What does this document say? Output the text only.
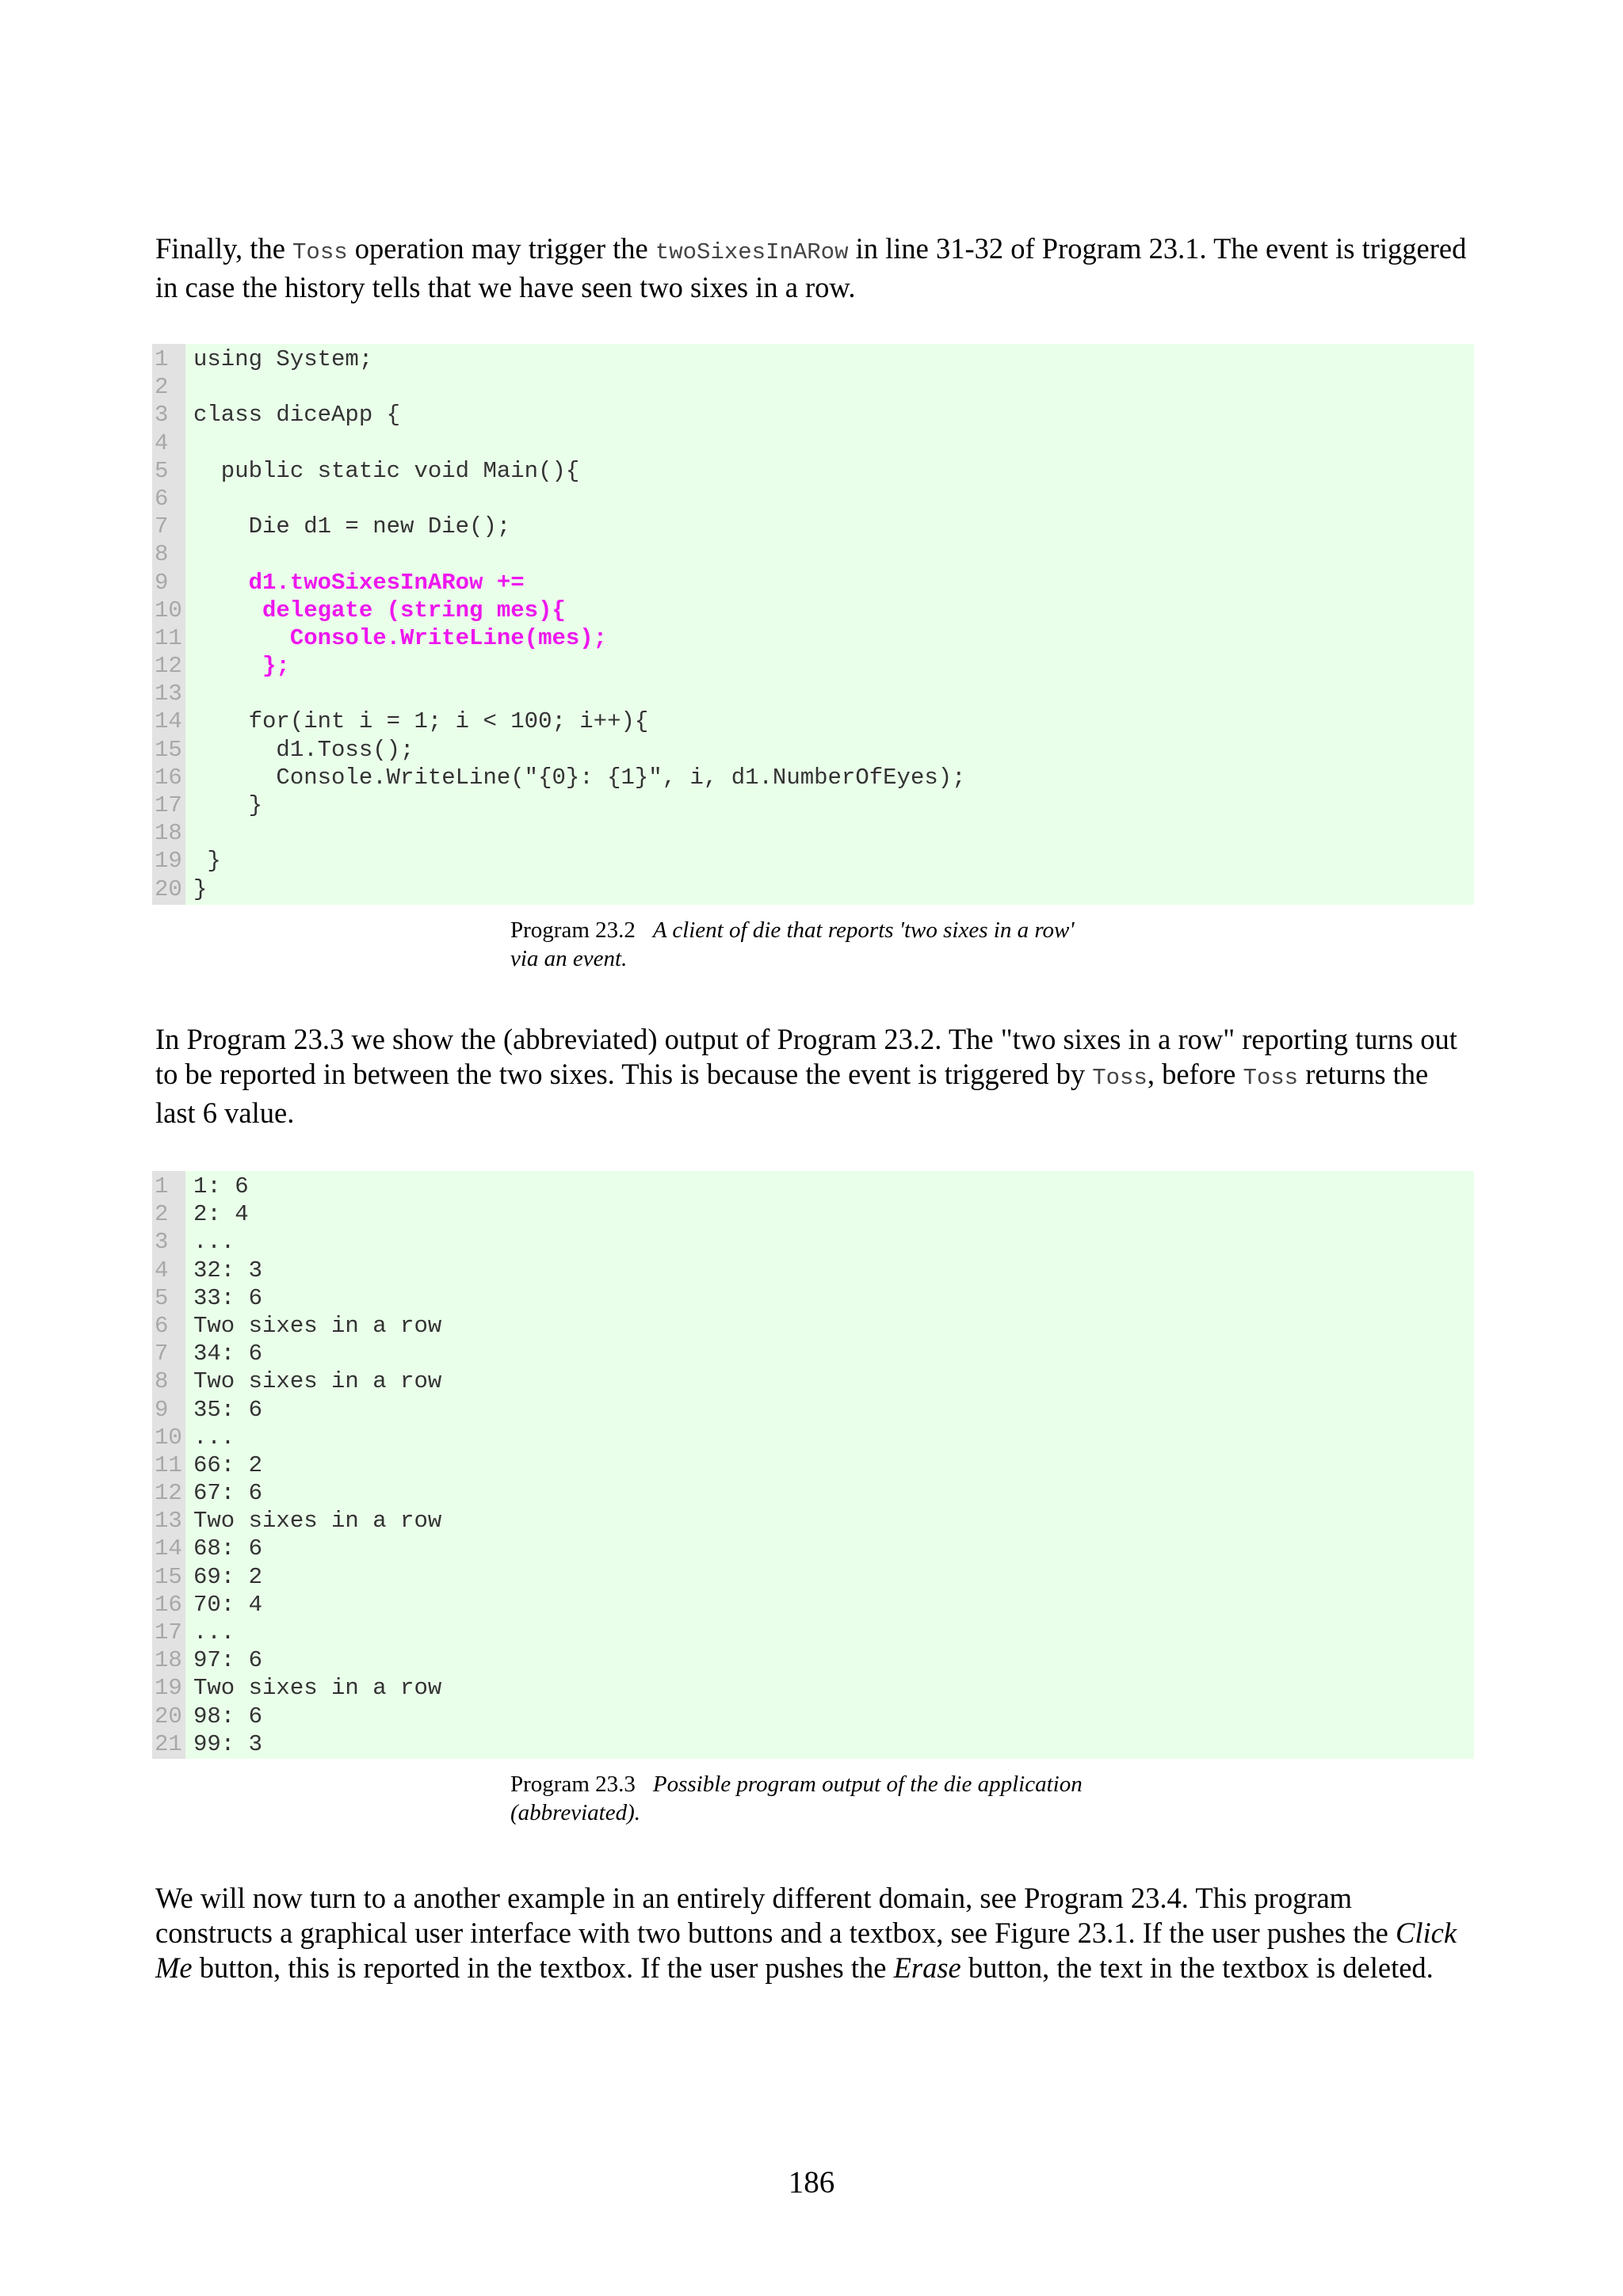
Finally, the Toss operation may trigger the twoSixesInARow in line 31-32 of Program 23.1. The event is triggered in case the history tells that we have seen two sixes in a row.

1	using System;
2
3	class diceApp {
4
5	public static void Main(){
6
7	Die d1 = new Die();
8
9	d1.twoSixesInARow +=
10 delegate (string mes){
11 Console.WriteLine(mes);
12 };
13
14 for(int i = 1; i < 100; i++){
15 d1.Toss();
16 Console.WriteLine("{0}: {1}", i, d1.NumberOfEyes);
17 }
18
19 }
20 }
Program 23.2 A client of die that reports 'two sixes in a row'
via an event.

In Program 23.3 we show the (abbreviated) output of Program 23.2. The "two sixes in a row" reporting turns out to be reported in between the two sixes. This is because the event is triggered by Toss, before Toss returns the last 6 value.

1	1: 6
2	2: 4
3	...
4	32: 3
5	33: 6
6	Two sixes in a row
7	34: 6
8	Two sixes in a row
9	35: 6
10 ...
11 66: 2
12 67: 6
13 Two sixes in a row
14 68: 6
15 69: 2
16 70: 4
17 ...
18 97: 6
19 Two sixes in a row
20 98: 6
21 99: 3
Program 23.3 Possible program output of the die application
(abbreviated).

We will now turn to a another example in an entirely different domain, see Program 23.4. This program constructs a graphical user interface with two buttons and a textbox, see Figure 23.1. If the user pushes the Click Me button, this is reported in the textbox. If the user pushes the Erase button, the text in the textbox is deleted.

186
